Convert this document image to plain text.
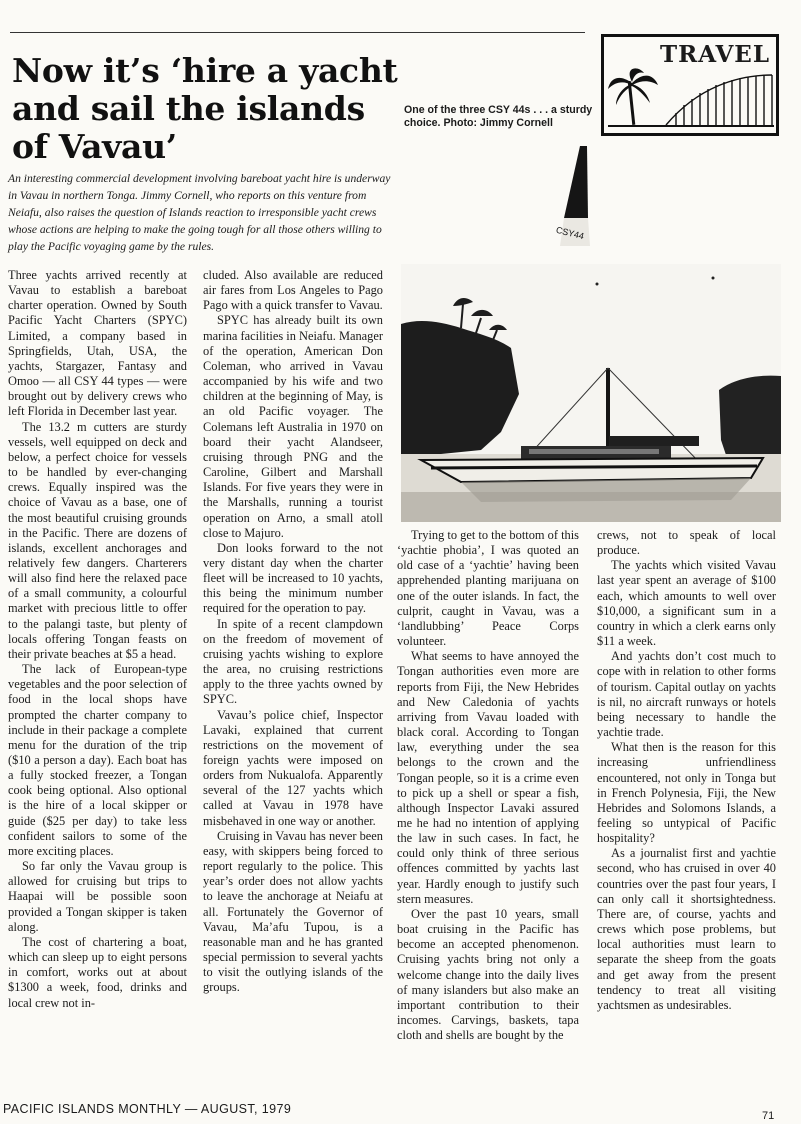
Now it’s ‘hire a yacht and sail the islands of Vavau’

An interesting commercial development involving bareboat yacht hire is underway in Vavau in northern Tonga. Jimmy Cornell, who reports on this venture from Neiafu, also raises the question of Islands reaction to irresponsible yacht crews whose actions are helping to make the going tough for all those others willing to play the Pacific voyaging game by the rules.

TRAVEL

One of the three CSY 44s . . . a sturdy choice. Photo: Jimmy Cornell

CSY44

Three yachts arrived recently at Vavau to establish a bareboat charter operation. Owned by South Pacific Yacht Charters (SPYC) Limited, a company based in Springfields, Utah, USA, the yachts, Stargazer, Fantasy and Omoo — all CSY 44 types — were brought out by delivery crews who left Florida in December last year.

The 13.2 m cutters are sturdy vessels, well equipped on deck and below, a perfect choice for vessels to be handled by ever-changing crews. Equally inspired was the choice of Vavau as a base, one of the most beautiful cruising grounds in the Pacific. There are dozens of islands, excellent anchorages and relatively few dangers. Charterers will also find here the relaxed pace of a small community, a colourful market with precious little to offer to the palangi taste, but plenty of locals offering Tongan feasts on their private beaches at $5 a head.

The lack of European-type vegetables and the poor selection of food in the local shops have prompted the charter company to include in their package a complete menu for the duration of the trip ($10 a person a day). Each boat has a fully stocked freezer, a Tongan cook being optional. Also optional is the hire of a local skipper or guide ($25 per day) to take less confident sailors to some of the more exciting places.

So far only the Vavau group is allowed for cruising but trips to Haapai will be possible soon provided a Tongan skipper is taken along.

The cost of chartering a boat, which can sleep up to eight persons in comfort, works out at about $1300 a week, food, drinks and local crew not in-

cluded. Also available are reduced air fares from Los Angeles to Pago Pago with a quick transfer to Vavau.

SPYC has already built its own marina facilities in Neiafu. Manager of the operation, American Don Coleman, who arrived in Vavau accompanied by his wife and two children at the beginning of May, is an old Pacific voyager. The Colemans left Australia in 1970 on board their yacht Alandseer, cruising through PNG and the Caroline, Gilbert and Marshall Islands. For five years they were in the Marshalls, running a tourist operation on Arno, a small atoll close to Majuro.

Don looks forward to the not very distant day when the charter fleet will be increased to 10 yachts, this being the minimum number required for the operation to pay.

In spite of a recent clampdown on the freedom of movement of cruising yachts wishing to explore the area, no cruising restrictions apply to the three yachts owned by SPYC.

Vavau’s police chief, Inspector Lavaki, explained that current restrictions on the movement of foreign yachts were imposed on orders from Nukualofa. Apparently several of the 127 yachts which called at Vavau in 1978 have misbehaved in one way or another.

Cruising in Vavau has never been easy, with skippers being forced to report regularly to the police. This year’s order does not allow yachts to leave the anchorage at Neiafu at all. Fortunately the Governor of Vavau, Ma’afu Tupou, is a reasonable man and he has granted special permission to several yachts to visit the outlying islands of the groups.

Trying to get to the bottom of this ‘yachtie phobia’, I was quoted an old case of a ‘yachtie’ having been apprehended planting marijuana on one of the outer islands. In fact, the culprit, caught in Vavau, was a ‘landlubbing’ Peace Corps volunteer.

What seems to have annoyed the Tongan authorities even more are reports from Fiji, the New Hebrides and New Caledonia of yachts arriving from Vavau loaded with black coral. According to Tongan law, everything under the sea belongs to the crown and the Tongan people, so it is a crime even to pick up a shell or spear a fish, although Inspector Lavaki assured me he had no intention of applying the law in such cases. In fact, he could only think of three serious offences committed by yachts last year. Hardly enough to justify such stern measures.

Over the past 10 years, small boat cruising in the Pacific has become an accepted phenomenon. Cruising yachts bring not only a welcome change into the daily lives of many islanders but also make an important contribution to their incomes. Carvings, baskets, tapa cloth and shells are bought by the

crews, not to speak of local produce.

The yachts which visited Vavau last year spent an average of $100 each, which amounts to well over $10,000, a significant sum in a country in which a clerk earns only $11 a week.

And yachts don’t cost much to cope with in relation to other forms of tourism. Capital outlay on yachts is nil, no aircraft runways or hotels being necessary to handle the yachtie trade.

What then is the reason for this increasing unfriendliness encountered, not only in Tonga but in French Polynesia, Fiji, the New Hebrides and Solomons Islands, a feeling so untypical of Pacific hospitality?

As a journalist first and yachtie second, who has cruised in over 40 countries over the past four years, I can only call it shortsightedness. There are, of course, yachts and crews which pose problems, but local authorities must learn to separate the sheep from the goats and get away from the present tendency to treat all visiting yachtsmen as undesirables.

PACIFIC ISLANDS MONTHLY — AUGUST, 1979	71
